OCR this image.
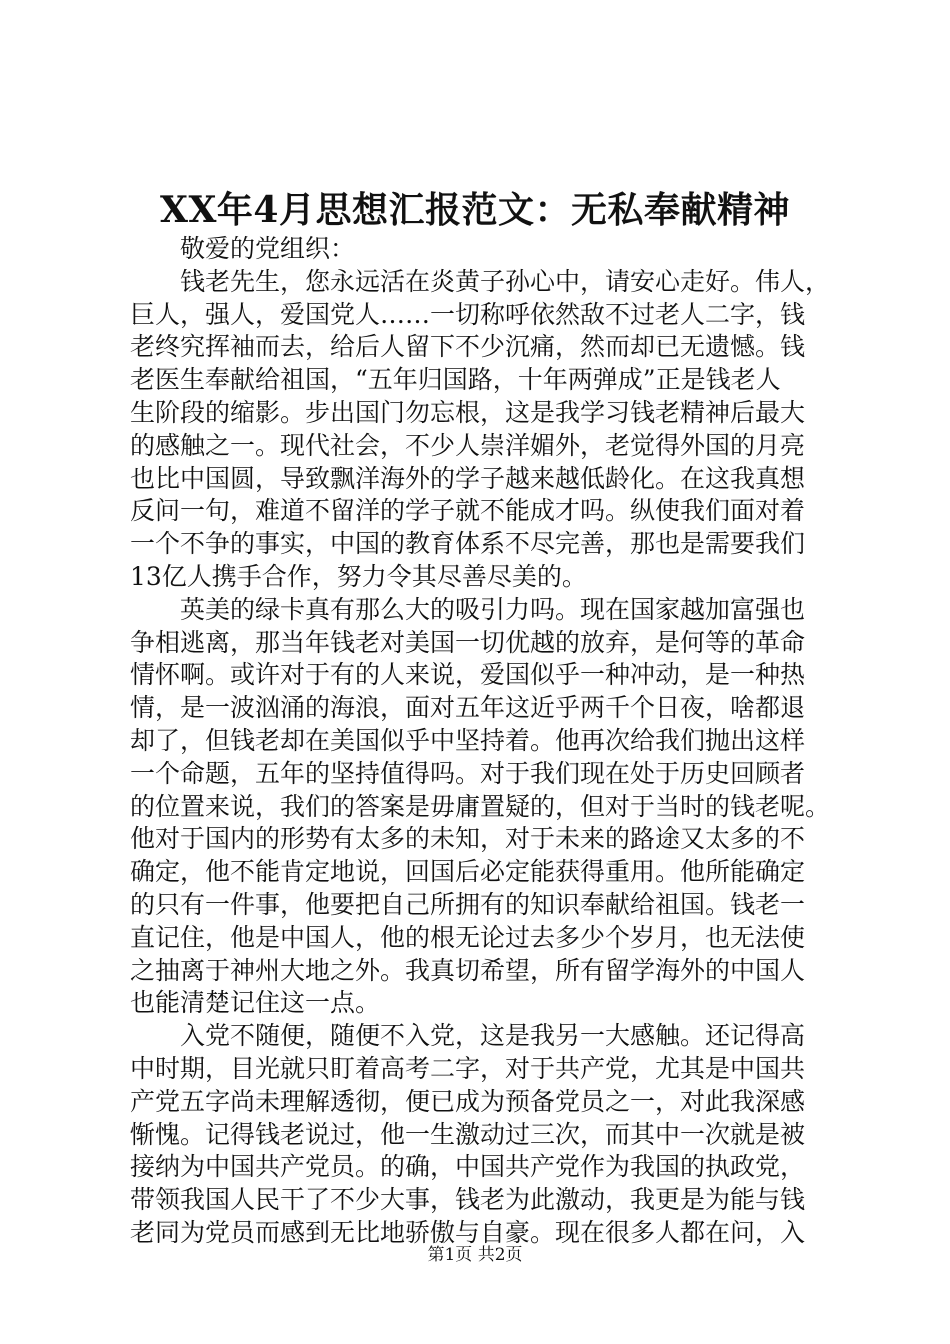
XX年4月思想汇报范文：无私奉献精神
　　敬爱的党组织：
　　钱老先生，您永远活在炎黄子孙心中，请安心走好。伟人，
巨人，强人，爱国党人……一切称呼依然敌不过老人二字，钱
老终究挥袖而去，给后人留下不少沉痛，然而却已无遗憾。钱
老医生奉献给祖国，“五年归国路，十年两弹成”正是钱老人
生阶段的缩影。步出国门勿忘根，这是我学习钱老精神后最大
的感触之一。现代社会，不少人崇洋媚外，老觉得外国的月亮
也比中国圆，导致飘洋海外的学子越来越低龄化。在这我真想
反问一句，难道不留洋的学子就不能成才吗。纵使我们面对着
一个不争的事实，中国的教育体系不尽完善，那也是需要我们
13亿人携手合作，努力令其尽善尽美的。
　　英美的绿卡真有那么大的吸引力吗。现在国家越加富强也
争相逃离，那当年钱老对美国一切优越的放弃，是何等的革命
情怀啊。或许对于有的人来说，爱国似乎一种冲动，是一种热
情，是一波汹涌的海浪，面对五年这近乎两千个日夜，啥都退
却了，但钱老却在美国似乎中坚持着。他再次给我们抛出这样
一个命题，五年的坚持值得吗。对于我们现在处于历史回顾者
的位置来说，我们的答案是毋庸置疑的，但对于当时的钱老呢。
他对于国内的形势有太多的未知，对于未来的路途又太多的不
确定，他不能肯定地说，回国后必定能获得重用。他所能确定
的只有一件事，他要把自己所拥有的知识奉献给祖国。钱老一
直记住，他是中国人，他的根无论过去多少个岁月，也无法使
之抽离于神州大地之外。我真切希望，所有留学海外的中国人
也能清楚记住这一点。
　　入党不随便，随便不入党，这是我另一大感触。还记得高
中时期，目光就只盯着高考二字，对于共产党，尤其是中国共
产党五字尚未理解透彻，便已成为预备党员之一，对此我深感
惭愧。记得钱老说过，他一生激动过三次，而其中一次就是被
接纳为中国共产党员。的确，中国共产党作为我国的执政党，
带领我国人民干了不少大事，钱老为此激动，我更是为能与钱
老同为党员而感到无比地骄傲与自豪。现在很多人都在问，入
第1页 共2页
